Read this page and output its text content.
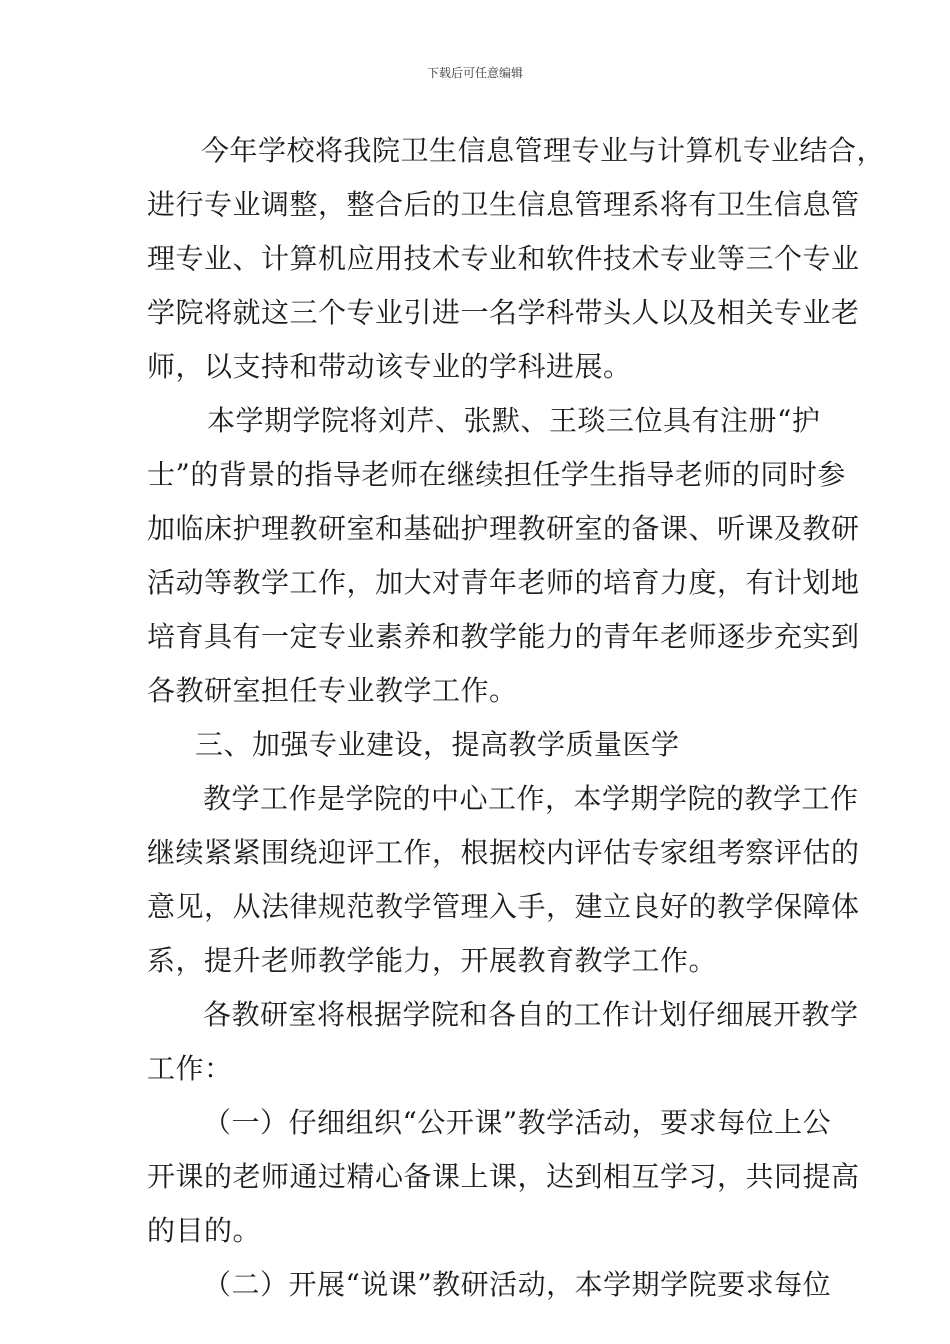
下载后可任意编辑
今年学校将我院卫生信息管理专业与计算机专业结合，
进行专业调整，整合后的卫生信息管理系将有卫生信息管
理专业、计算机应用技术专业和软件技术专业等三个专业
学院将就这三个专业引进一名学科带头人以及相关专业老
师，以支持和带动该专业的学科进展。
本学期学院将刘芹、张默、王琰三位具有注册“护
士”的背景的指导老师在继续担任学生指导老师的同时参
加临床护理教研室和基础护理教研室的备课、听课及教研
活动等教学工作，加大对青年老师的培育力度，有计划地
培育具有一定专业素养和教学能力的青年老师逐步充实到
各教研室担任专业教学工作。
三、加强专业建设，提高教学质量医学
教学工作是学院的中心工作，本学期学院的教学工作
继续紧紧围绕迎评工作，根据校内评估专家组考察评估的
意见，从法律规范教学管理入手，建立良好的教学保障体
系，提升老师教学能力，开展教育教学工作。
各教研室将根据学院和各自的工作计划仔细展开教学
工作：
（一）仔细组织“公开课”教学活动，要求每位上公
开课的老师通过精心备课上课，达到相互学习，共同提高
的目的。
（二）开展“说课”教研活动，本学期学院要求每位
